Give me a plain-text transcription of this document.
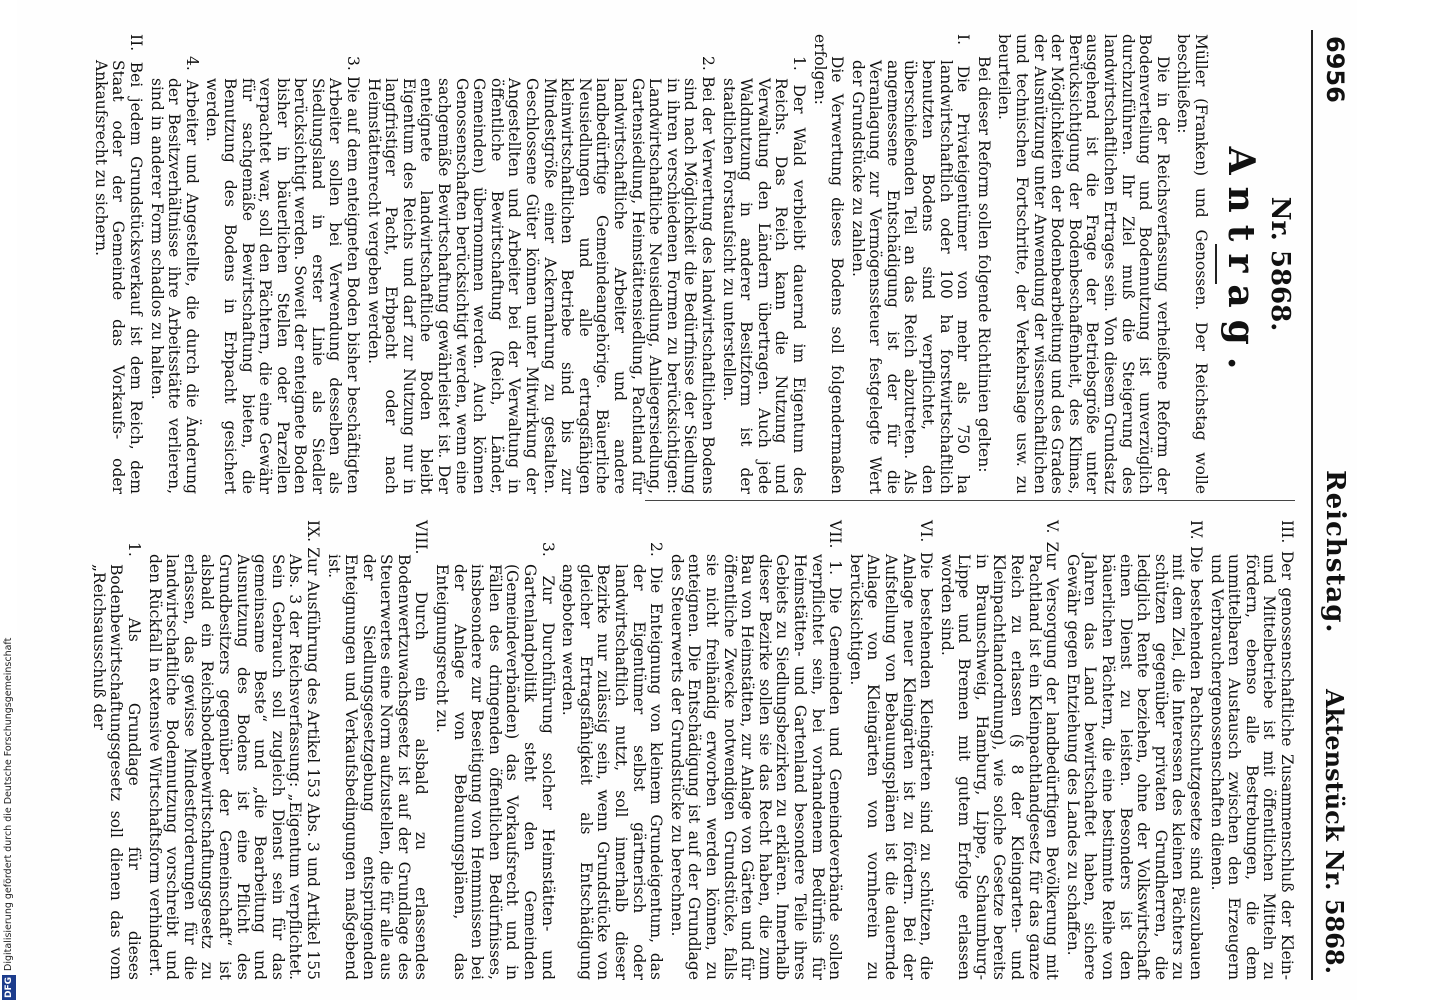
DFGDigitalisierung gefördert durch die Deutsche Forschungsgemeinschaft
6956
Reichstag.
Aktenstück Nr. 5868.
Nr. 5868.
Antrag.

Müller (Franken) und Genossen. Der Reichstag wolle beschließen:

Die in der Reichsverfassung verheißene Reform der Bodenverteilung und Bodennutzung ist unverzüglich durchzuführen. Ihr Ziel muß die Steigerung des landwirtschaftlichen Ertrages sein. Von diesem Grundsatz ausgehend ist die Frage der Betriebsgröße unter Berücksichtigung der Bodenbeschaffenheit, des Klimas, der Möglichkeiten der Bodenbearbeitung und des Grades der Ausnützung unter Anwendung der wissenschaftlichen und technischen Fortschritte, der Verkehrslage usw. zu beurteilen.

Bei dieser Reform sollen folgende Richtlinien gelten:

I. Die Privateigentümer von mehr als 750 ha landwirtschaftlich oder 100 ha forstwirtschaftlich benutzten Bodens sind verpflichtet, den überschießenden Teil an das Reich abzutreten. Als angemessene Entschädigung ist der für die Veranlagung zur Vermögenssteuer festgelegte Wert der Grundstücke zu zahlen.

Die Verwertung dieses Bodens soll folgendermaßen erfolgen:

1. Der Wald verbleibt dauernd im Eigentum des Reichs. Das Reich kann die Nutzung und Verwaltung den Ländern übertragen. Auch jede Waldnutzung in anderer Besitzform ist der staatlichen Forstaufsicht zu unterstellen.

2. Bei der Verwertung des landwirtschaftlichen Bodens sind nach Möglichkeit die Bedürfnisse der Siedlung in ihren verschiedenen Formen zu berücksichtigen: Landwirtschaftliche Neusiedlung, Anliegersiedlung, Gartensiedlung, Heimstättensiedlung, Pachtland für landwirtschaftliche Arbeiter und andere landbedürftige Gemeindeangehörige. Bäuerliche Neusiedlungen und alle ertragsfähigen kleinwirtschaftlichen Betriebe sind bis zur Mindestgröße einer Ackernahrung zu gestalten. Geschlossene Güter können unter Mitwirkung der Angestellten und Arbeiter bei der Verwaltung in öffentliche Bewirtschaftung (Reich, Länder, Gemeinden) übernommen werden. Auch können Genossenschaften berücksichtigt werden, wenn eine sachgemäße Bewirtschaftung gewährleistet ist. Der enteignete landwirtschaftliche Boden bleibt Eigentum des Reichs und darf zur Nutzung nur in langfristiger Pacht, Erbpacht oder nach Heimstättenrecht vergeben werden.

3. Die auf dem enteigneten Boden bisher beschäftigten Arbeiter sollen bei Verwendung desselben als Siedlungsland in erster Linie als Siedler berücksichtigt werden. Soweit der enteignete Boden bisher in bäuerlichen Stellen oder Parzellen verpachtet war, soll den Pächtern, die eine Gewähr für sachgemäße Bewirtschaftung bieten, die Benutzung des Bodens in Erbpacht gesichert werden.

4. Arbeiter und Angestellte, die durch die Änderung der Besitzverhältnisse ihre Arbeitsstätte verlieren, sind in anderer Form schadlos zu halten.

II. Bei jedem Grundstücksverkauf ist dem Reich, dem Staat oder der Gemeinde das Vorkaufs- oder Ankaufsrecht zu sichern.

III. Der genossenschaftliche Zusammenschluß der Klein- und Mittelbetriebe ist mit öffentlichen Mitteln zu fördern, ebenso alle Bestrebungen, die dem unmittelbaren Austausch zwischen den Erzeugern und Verbrauchergenossenschaften dienen.

IV. Die bestehenden Pachtschutzgesetze sind auszubauen mit dem Ziel, die Interessen des kleinen Pächters zu schützen gegenüber privaten Grundherren, die lediglich Rente beziehen, ohne der Volkswirtschaft einen Dienst zu leisten. Besonders ist den bäuerlichen Pächtern, die eine bestimmte Reihe von Jahren das Land bewirtschaftet haben, sichere Gewähr gegen Entziehung des Landes zu schaffen.

V. Zur Versorgung der landbedürftigen Bevölkerung mit Pachtland ist ein Kleinpachtlandgesetz für das ganze Reich zu erlassen (§ 8 der Kleingarten- und Kleinpachtlandordnung), wie solche Gesetze bereits in Braunschweig, Hamburg, Lippe, Schaumburg-Lippe und Bremen mit gutem Erfolge erlassen worden sind.

VI. Die bestehenden Kleingärten sind zu schützen, die Anlage neuer Kleingärten ist zu fördern. Bei der Aufstellung von Bebauungsplänen ist die dauernde Anlage von Kleingärten von vornherein zu berücksichtigen.

VII. 1. Die Gemeinden und Gemeindeverbände sollen verpflichtet sein, bei vorhandenem Bedürfnis für Heimstätten- und Gartenland besondere Teile ihres Gebiets zu Siedlungsbezirken zu erklären. Innerhalb dieser Bezirke sollen sie das Recht haben, die zum Bau von Heimstätten, zur Anlage von Gärten und für öffentliche Zwecke notwendigen Grundstücke, falls sie nicht freihändig erworben werden können, zu enteignen. Die Entschädigung ist auf der Grundlage des Steuerwerts der Grundstücke zu berechnen.

2. Die Enteignung von kleinem Grundeigentum, das der Eigentümer selbst gärtnerisch oder landwirtschaftlich nutzt, soll innerhalb dieser Bezirke nur zulässig sein, wenn Grundstücke von gleicher Ertragsfähigkeit als Entschädigung angeboten werden.

3. Zur Durchführung solcher Heimstätten- und Gartenlandpolitik steht den Gemeinden (Gemeindeverbänden) das Vorkaufsrecht und in Fällen des dringenden öffentlichen Bedürfnisses, insbesondere zur Beseitigung von Hemmnissen bei der Anlage von Bebauungsplänen, das Enteignungsrecht zu.

VIII. Durch ein alsbald zu erlassendes Bodenwertzuwachsgesetz ist auf der Grundlage des Steuerwertes eine Norm aufzustellen, die für alle aus der Siedlungsgesetzgebung entspringenden Enteignungen und Verkaufsbedingungen maßgebend ist.

IX. Zur Ausführung des Artikel 153 Abs. 3 und Artikel 155 Abs. 3 der Reichsverfassung: „Eigentum verpflichtet. Sein Gebrauch soll zugleich Dienst sein für das gemeinsame Beste“ und „die Bearbeitung und Ausnutzung des Bodens ist eine Pflicht des Grundbesitzers gegenüber der Gemeinschaft“ ist alsbald ein Reichsbodenbewirtschaftungsgesetz zu erlassen, das gewisse Mindestforderungen für die landwirtschaftliche Bodennutzung vorschreibt und den Rückfall in extensive Wirtschaftsform verhindert.

1. Als Grundlage für dieses Bodenbewirtschaftungsgesetz soll dienen das vom „Reichsausschuß der
